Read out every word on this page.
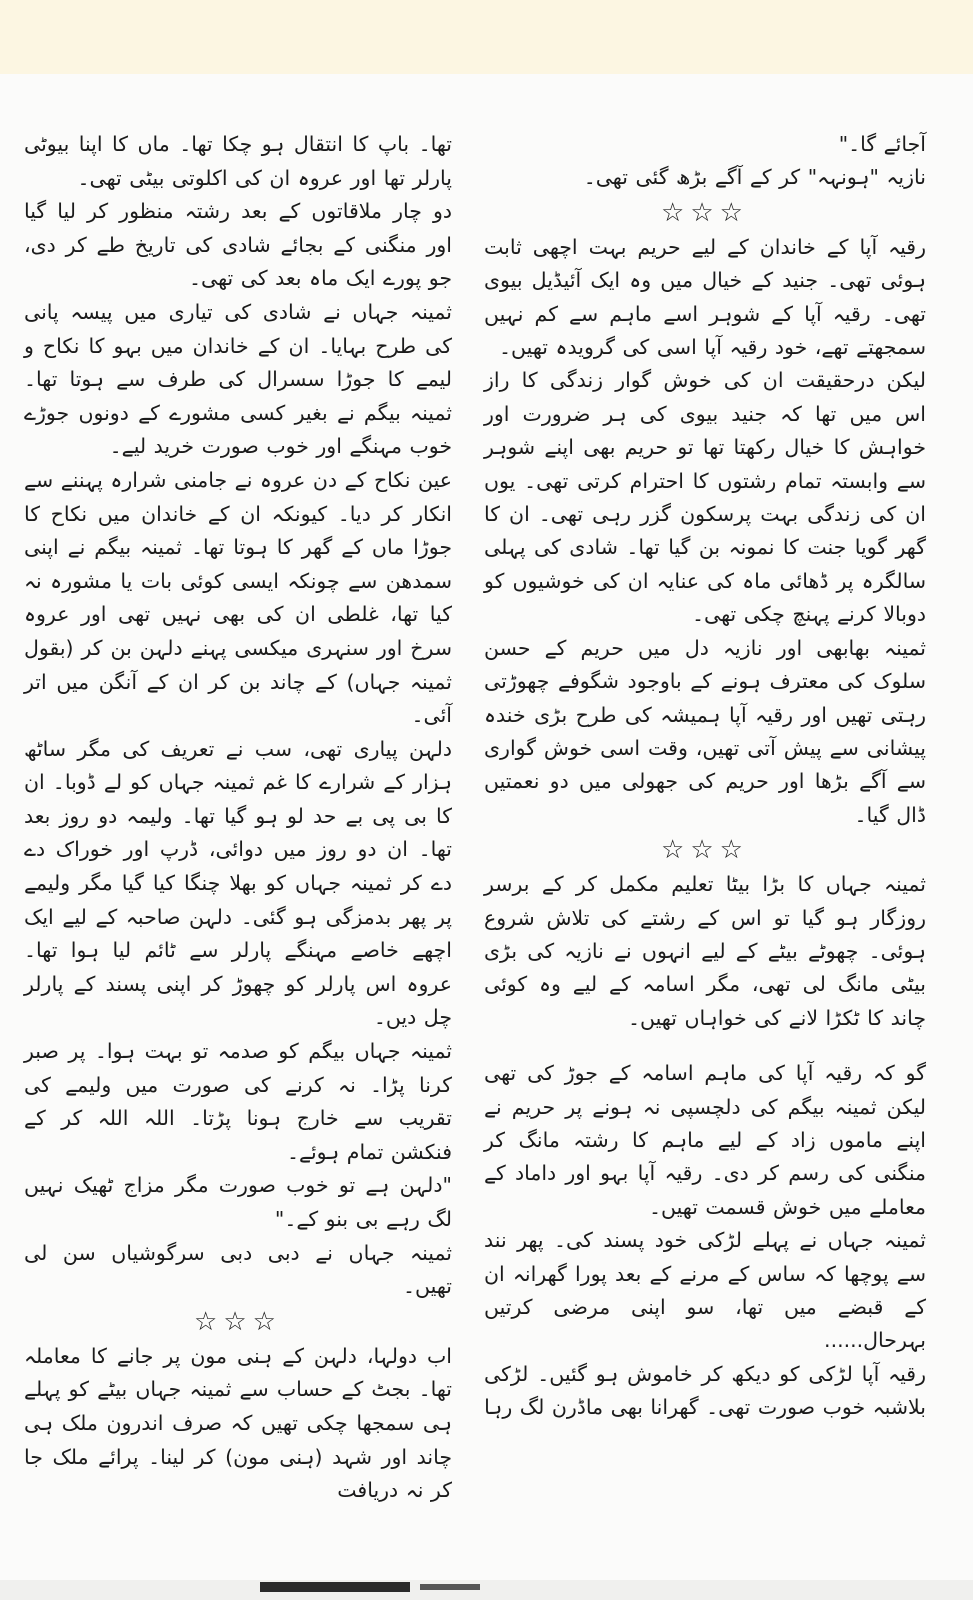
آجائے گا۔"

نازیہ "ہونہہ" کر کے آگے بڑھ گئی تھی۔

☆☆☆

رقیہ آپا کے خاندان کے لیے حریم بہت اچھی ثابت ہوئی تھی۔ جنید کے خیال میں وہ ایک آئیڈیل بیوی تھی۔ رقیہ آپا کے شوہر اسے ماہم سے کم نہیں سمجھتے تھے، خود رقیہ آپا اسی کی گرویدہ تھیں۔

لیکن درحقیقت ان کی خوش گوار زندگی کا راز اس میں تھا کہ جنید بیوی کی ہر ضرورت اور خواہش کا خیال رکھتا تھا تو حریم بھی اپنے شوہر سے وابستہ تمام رشتوں کا احترام کرتی تھی۔ یوں ان کی زندگی بہت پرسکون گزر رہی تھی۔ ان کا گھر گویا جنت کا نمونہ بن گیا تھا۔ شادی کی پہلی سالگرہ پر ڈھائی ماہ کی عنایہ ان کی خوشیوں کو دوبالا کرنے پہنچ چکی تھی۔

ثمینہ بھابھی اور نازیہ دل میں حریم کے حسن سلوک کی معترف ہونے کے باوجود شگوفے چھوڑتی رہتی تھیں اور رقیہ آپا ہمیشہ کی طرح بڑی خندہ پیشانی سے پیش آتی تھیں، وقت اسی خوش گواری سے آگے بڑھا اور حریم کی جھولی میں دو نعمتیں ڈال گیا۔

☆☆☆

ثمینہ جہاں کا بڑا بیٹا تعلیم مکمل کر کے برسر روزگار ہو گیا تو اس کے رشتے کی تلاش شروع ہوئی۔ چھوٹے بیٹے کے لیے انہوں نے نازیہ کی بڑی بیٹی مانگ لی تھی، مگر اسامہ کے لیے وہ کوئی چاند کا ٹکڑا لانے کی خواہاں تھیں۔

گو کہ رقیہ آپا کی ماہم اسامہ کے جوڑ کی تھی لیکن ثمینہ بیگم کی دلچسپی نہ ہونے پر حریم نے اپنے ماموں زاد کے لیے ماہم کا رشتہ مانگ کر منگنی کی رسم کر دی۔ رقیہ آپا بہو اور داماد کے معاملے میں خوش قسمت تھیں۔

ثمینہ جہاں نے پہلے لڑکی خود پسند کی۔ پھر نند سے پوچھا کہ ساس کے مرنے کے بعد پورا گھرانہ ان کے قبضے میں تھا، سو اپنی مرضی کرتیں بہرحال......

رقیہ آپا لڑکی کو دیکھ کر خاموش ہو گئیں۔ لڑکی بلاشبہ خوب صورت تھی۔ گھرانا بھی ماڈرن لگ رہا

تھا۔ باپ کا انتقال ہو چکا تھا۔ ماں کا اپنا بیوٹی پارلر تھا اور عروہ ان کی اکلوتی بیٹی تھی۔

دو چار ملاقاتوں کے بعد رشتہ منظور کر لیا گیا اور منگنی کے بجائے شادی کی تاریخ طے کر دی، جو پورے ایک ماہ بعد کی تھی۔

ثمینہ جہاں نے شادی کی تیاری میں پیسہ پانی کی طرح بہایا۔ ان کے خاندان میں بہو کا نکاح و لیمے کا جوڑا سسرال کی طرف سے ہوتا تھا۔ ثمینہ بیگم نے بغیر کسی مشورے کے دونوں جوڑے خوب مہنگے اور خوب صورت خرید لیے۔

عین نکاح کے دن عروہ نے جامنی شرارہ پہننے سے انکار کر دیا۔ کیونکہ ان کے خاندان میں نکاح کا جوڑا ماں کے گھر کا ہوتا تھا۔ ثمینہ بیگم نے اپنی سمدھن سے چونکہ ایسی کوئی بات یا مشورہ نہ کیا تھا، غلطی ان کی بھی نہیں تھی اور عروہ سرخ اور سنہری میکسی پہنے دلہن بن کر (بقول ثمینہ جہاں) کے چاند بن کر ان کے آنگن میں اتر آئی۔

دلہن پیاری تھی، سب نے تعریف کی مگر ساٹھ ہزار کے شرارے کا غم ثمینہ جہاں کو لے ڈوبا۔ ان کا بی پی بے حد لو ہو گیا تھا۔ ولیمہ دو روز بعد تھا۔ ان دو روز میں دوائی، ڈرپ اور خوراک دے دے کر ثمینہ جہاں کو بھلا چنگا کیا گیا مگر ولیمے پر پھر بدمزگی ہو گئی۔ دلہن صاحبہ کے لیے ایک اچھے خاصے مہنگے پارلر سے ٹائم لیا ہوا تھا۔ عروہ اس پارلر کو چھوڑ کر اپنی پسند کے پارلر چل دیں۔

ثمینہ جہاں بیگم کو صدمہ تو بہت ہوا۔ پر صبر کرنا پڑا۔ نہ کرنے کی صورت میں ولیمے کی تقریب سے خارج ہونا پڑتا۔ اللہ اللہ کر کے فنکشن تمام ہوئے۔

"دلہن ہے تو خوب صورت مگر مزاج ٹھیک نہیں لگ رہے بی بنو کے۔"

ثمینہ جہاں نے دبی دبی سرگوشیاں سن لی تھیں۔

☆☆☆

اب دولہا، دلہن کے ہنی مون پر جانے کا معاملہ تھا۔ بجٹ کے حساب سے ثمینہ جہاں بیٹے کو پہلے ہی سمجھا چکی تھیں کہ صرف اندرون ملک ہی چاند اور شہد (ہنی مون) کر لینا۔ پرائے ملک جا کر نہ دریافت
